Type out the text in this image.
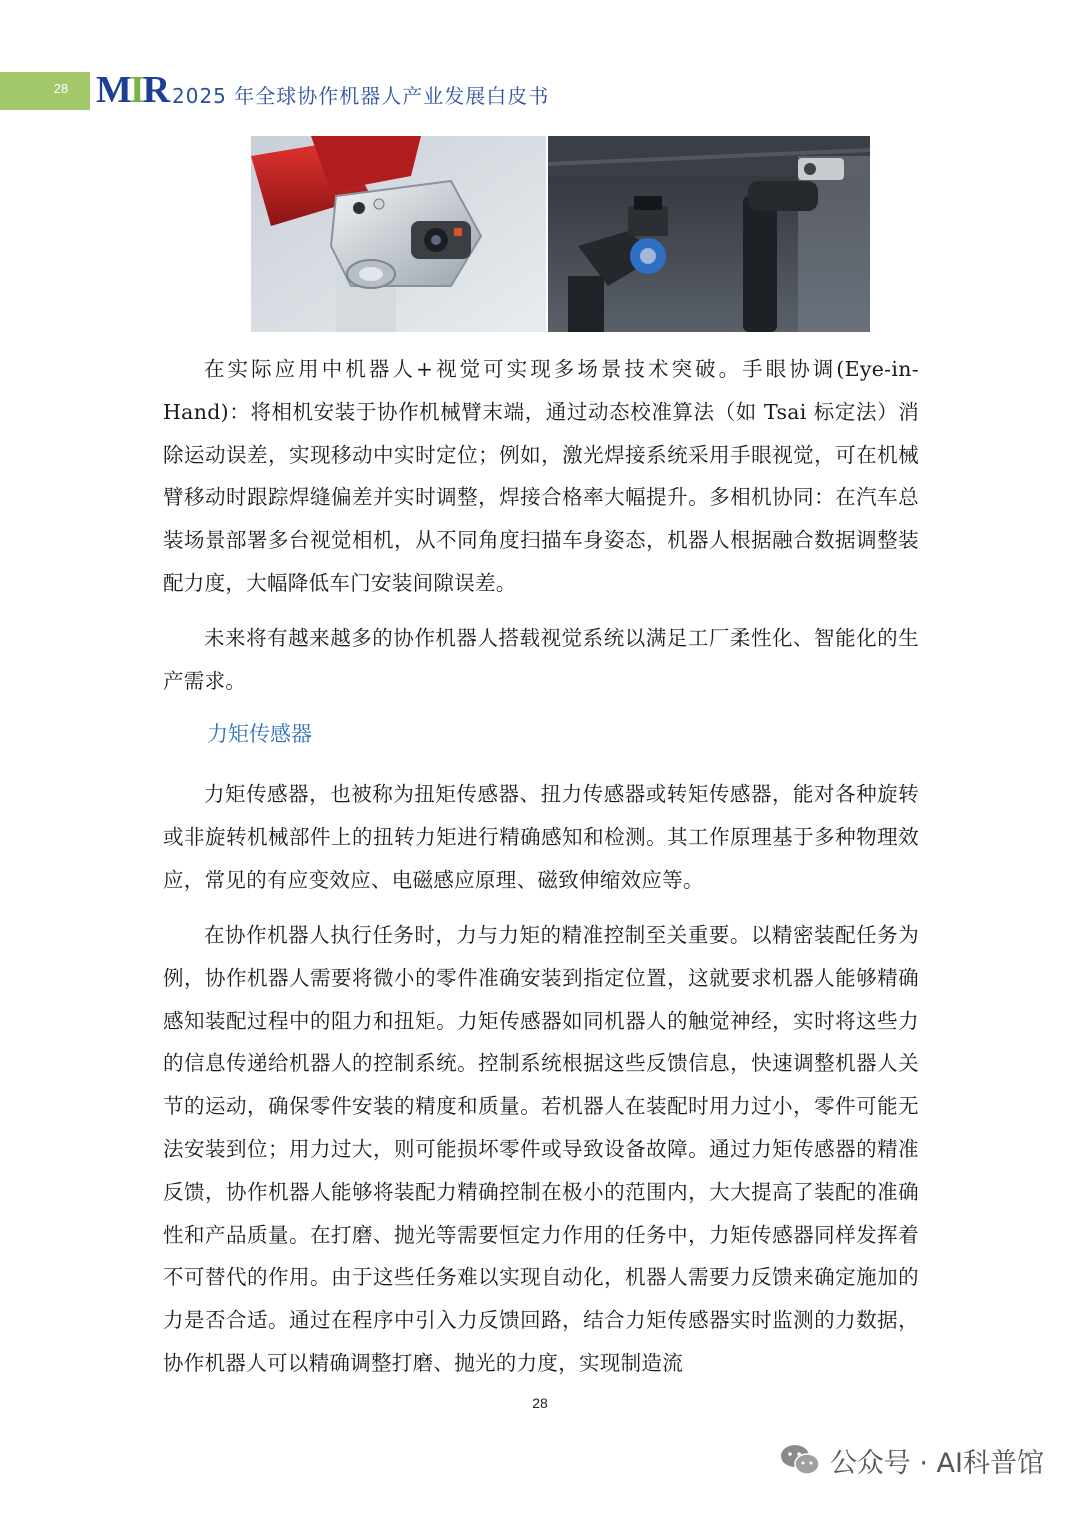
28 MIR 2025 年全球协作机器人产业发展白皮书

在实际应用中机器人+视觉可实现多场景技术突破。手眼协调(Eye-in-Hand)：将相机安装于协作机械臂末端，通过动态校准算法（如 Tsai 标定法）消除运动误差，实现移动中实时定位；例如，激光焊接系统采用手眼视觉，可在机械臂移动时跟踪焊缝偏差并实时调整，焊接合格率大幅提升。多相机协同：在汽车总装场景部署多台视觉相机，从不同角度扫描车身姿态，机器人根据融合数据调整装配力度，大幅降低车门安装间隙误差。

未来将有越来越多的协作机器人搭载视觉系统以满足工厂柔性化、智能化的生产需求。

力矩传感器

力矩传感器，也被称为扭矩传感器、扭力传感器或转矩传感器，能对各种旋转或非旋转机械部件上的扭转力矩进行精确感知和检测。其工作原理基于多种物理效应，常见的有应变效应、电磁感应原理、磁致伸缩效应等。

在协作机器人执行任务时，力与力矩的精准控制至关重要。以精密装配任务为例，协作机器人需要将微小的零件准确安装到指定位置，这就要求机器人能够精确感知装配过程中的阻力和扭矩。力矩传感器如同机器人的触觉神经，实时将这些力的信息传递给机器人的控制系统。控制系统根据这些反馈信息，快速调整机器人关节的运动，确保零件安装的精度和质量。若机器人在装配时用力过小，零件可能无法安装到位；用力过大，则可能损坏零件或导致设备故障。通过力矩传感器的精准反馈，协作机器人能够将装配力精确控制在极小的范围内，大大提高了装配的准确性和产品质量。在打磨、抛光等需要恒定力作用的任务中，力矩传感器同样发挥着不可替代的作用。由于这些任务难以实现自动化，机器人需要力反馈来确定施加的力是否合适。通过在程序中引入力反馈回路，结合力矩传感器实时监测的力数据，协作机器人可以精确调整打磨、抛光的力度，实现制造流

28
公众号 · AI科普馆
